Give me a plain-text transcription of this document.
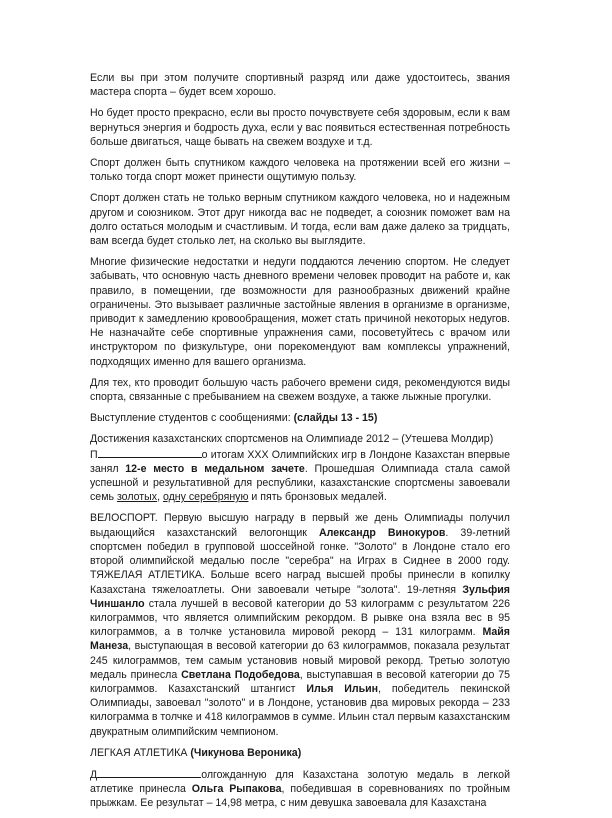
Если вы при этом получите спортивный разряд или даже удостоитесь, звания мастера спорта – будет всем хорошо.

Но будет просто прекрасно, если вы просто почувствуете себя здоровым, если к вам вернуться энергия и бодрость духа, если у вас появиться естественная потребность больше двигаться, чаще бывать на свежем воздухе и т.д.

Спорт должен быть спутником каждого человека на протяжении всей его жизни – только тогда спорт может принести ощутимую пользу.

Спорт должен стать не только верным спутником каждого человека, но и надежным другом и союзником. Этот друг никогда вас не подведет, а союзник поможет вам на долго остаться молодым и счастливым. И тогда, если вам даже далеко за тридцать, вам всегда будет столько лет, на сколько вы выглядите.

Многие физические недостатки и недуги поддаются лечению спортом. Не следует забывать, что основную часть дневного времени человек проводит на работе и, как правило, в помещении, где возможности для разнообразных движений крайне ограничены. Это вызывает различные застойные явления в организме в организме, приводит к замедлению кровообращения, может стать причиной некоторых недугов. Не назначайте себе спортивные упражнения сами, посоветуйтесь с врачом или инструктором по физкультуре, они порекомендуют вам комплексы упражнений, подходящих именно для вашего организма.

Для тех, кто проводит большую часть рабочего времени сидя, рекомендуются виды спорта, связанные с пребыванием на свежем воздухе, а также лыжные прогулки.

Выступление студентов с сообщениями: (слайды 13 - 15)

Достижения казахстанских спортсменов на Олимпиаде 2012 – (Утешева Молдир)
П	о итогам XXX Олимпийских игр в Лондоне Казахстан впервые занял 12-е место в медальном зачете. Прошедшая Олимпиада стала самой успешной и результативной для республики, казахстанские спортсмены завоевали семь золотых, одну серебряную и пять бронзовых медалей.

ВЕЛОСПОРТ. Первую высшую награду в первый же день Олимпиады получил выдающийся казахстанский велогонщик Александр Винокуров. 39-летний спортсмен победил в групповой шоссейной гонке. "Золото" в Лондоне стало его второй олимпийской медалью после "серебра" на Играх в Сиднее в 2000 году. ТЯЖЕЛАЯ АТЛЕТИКА. Больше всего наград высшей пробы принесли в копилку Казахстана тяжелоатлеты. Они завоевали четыре "золота". 19-летняя Зульфия Чиншанло стала лучшей в весовой категории до 53 килограмм с результатом 226 килограммов, что является олимпийским рекордом. В рывке она взяла вес в 95 килограммов, а в толчке установила мировой рекорд – 131 килограмм. Майя Манеза, выступающая в весовой категории до 63 килограммов, показала результат 245 килограммов, тем самым установив новый мировой рекорд. Третью золотую медаль принесла Светлана Подобедова, выступавшая в весовой категории до 75 килограммов. Казахстанский штангист Илья Ильин, победитель пекинской Олимпиады, завоевал "золото" и в Лондоне, установив два мировых рекорда – 233 килограмма в толчке и 418 килограммов в сумме. Ильин стал первым казахстанским двукратным олимпийским чемпионом.

ЛЕГКАЯ АТЛЕТИКА (Чикунова Вероника)

Д	олгожданную для Казахстана золотую медаль в легкой атлетике принесла Ольга Рыпакова, победившая в соревнованиях по тройным прыжкам. Ее результат – 14,98 метра, с ним девушка завоевала для Казахстана
